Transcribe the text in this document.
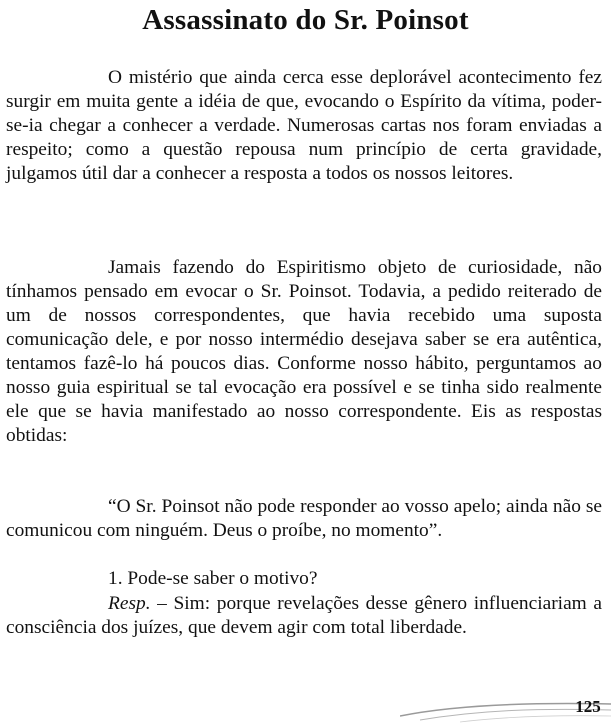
Assassinato do Sr. Poinsot

O mistério que ainda cerca esse deplorável acontecimento fez surgir em muita gente a idéia de que, evocando o Espírito da vítima, poder-se-ia chegar a conhecer a verdade. Numerosas cartas nos foram enviadas a respeito; como a questão repousa num princípio de certa gravidade, julgamos útil dar a conhecer a resposta a todos os nossos leitores.

Jamais fazendo do Espiritismo objeto de curiosidade, não tínhamos pensado em evocar o Sr. Poinsot. Todavia, a pedido reiterado de um de nossos correspondentes, que havia recebido uma suposta comunicação dele, e por nosso intermédio desejava saber se era autêntica, tentamos fazê-lo há poucos dias. Conforme nosso hábito, perguntamos ao nosso guia espiritual se tal evocação era possível e se tinha sido realmente ele que se havia manifestado ao nosso correspondente. Eis as respostas obtidas:

“O Sr. Poinsot não pode responder ao vosso apelo; ainda não se comunicou com ninguém. Deus o proíbe, no momento”.

1. Pode-se saber o motivo?

Resp. – Sim: porque revelações desse gênero influenciariam a consciência dos juízes, que devem agir com total liberdade.

125
